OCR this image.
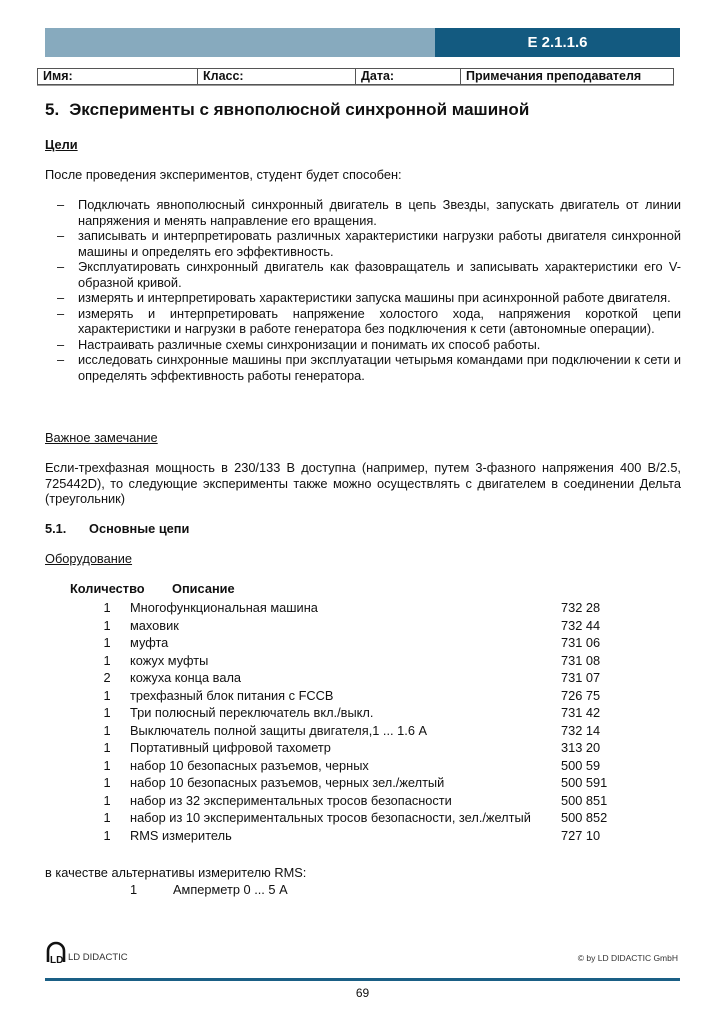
E 2.1.1.6
Имя:	Класс:	Дата:	Примечания преподавателя
5. Эксперименты с явнополюсной синхронной машиной
Цели
После проведения экспериментов, студент будет способен:
– Подключать явнополюсный синхронный двигатель в цепь Звезды, запускать двигатель от линии напряжения и менять направление его вращения.
– записывать и интерпретировать различных характеристики нагрузки работы двигателя синхронной машины и определять его эффективность.
– Эксплуатировать синхронный двигатель как фазовращатель и записывать характеристики его V-образной кривой.
– измерять и интерпретировать характеристики запуска машины при асинхронной работе двигателя.
– измерять и интерпретировать напряжение холостого хода, напряжения короткой цепи характеристики и нагрузки в работе генератора без подключения к сети (автономные операции).
– Настраивать различные схемы синхронизации и понимать их способ работы.
– исследовать синхронные машины при эксплуатации четырьмя командами при подключении к сети и определять эффективность работы генератора.
Важное замечание
Если-трехфазная мощность в 230/133 В доступна (например, путем 3-фазного напряжения 400 В/2.5, 725442D), то следующие эксперименты также можно осуществлять с двигателем в соединении Дельта (треугольник)
5.1. Основные цепи
Оборудование
Количество Описание
1 Многофункциональная машина	732 28
1 маховик	732 44
1 муфта	731 06
1 кожух муфты	731 08
2 кожуха конца вала	731 07
1 трехфазный блок питания с FCCB	726 75
1 Три полюсный переключатель вкл./выкл.	731 42
1 Выключатель полной защиты двигателя,1 ... 1.6 A	732 14
1 Портативный цифровой тахометр	313 20
1 набор 10 безопасных разъемов, черных	500 59
1 набор 10 безопасных разъемов, черных зел./желтый	500 591
1 набор из 32 экспериментальных тросов безопасности	500 851
1 набор из 10 экспериментальных тросов безопасности, зел./желтый 500 852
1 RMS измеритель	727 10
в качестве альтернативы измерителю RMS:
1	Амперметр 0 ... 5 A
LD LD DIDACTIC	© by LD DIDACTIC GmbH
69
